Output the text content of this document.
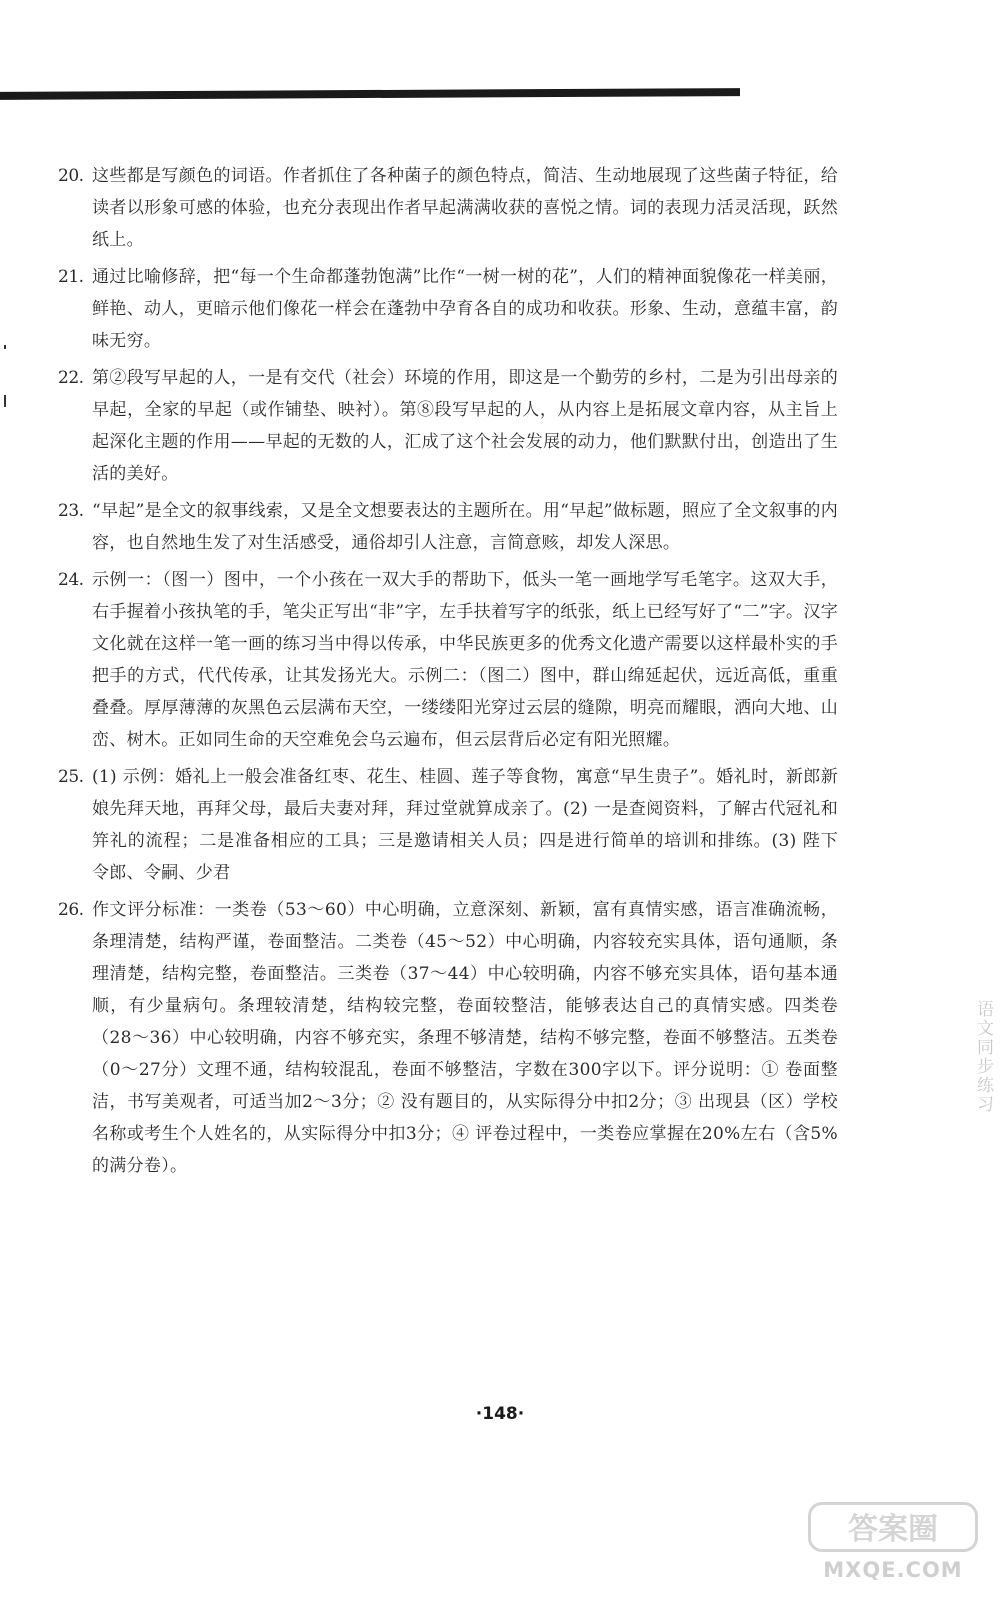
20. 这些都是写颜色的词语。作者抓住了各种菌子的颜色特点，简洁、生动地展现了这些菌子特征，给读者以形象可感的体验，也充分表现出作者早起满满收获的喜悦之情。词的表现力活灵活现，跃然纸上。
21. 通过比喻修辞，把“每一个生命都蓬勃饱满”比作“一树一树的花”，人们的精神面貌像花一样美丽，鲜艳、动人，更暗示他们像花一样会在蓬勃中孕育各自的成功和收获。形象、生动，意蕴丰富，韵味无穷。
22. 第②段写早起的人，一是有交代（社会）环境的作用，即这是一个勤劳的乡村，二是为引出母亲的早起，全家的早起（或作铺垫、映衬）。第⑧段写早起的人，从内容上是拓展文章内容，从主旨上起深化主题的作用——早起的无数的人，汇成了这个社会发展的动力，他们默默付出，创造出了生活的美好。
23. “早起”是全文的叙事线索，又是全文想要表达的主题所在。用“早起”做标题，照应了全文叙事的内容，也自然地生发了对生活感受，通俗却引人注意，言简意赅，却发人深思。
24. 示例一：（图一）图中，一个小孩在一双大手的帮助下，低头一笔一画地学写毛笔字。这双大手，右手握着小孩执笔的手，笔尖正写出“非”字，左手扶着写字的纸张，纸上已经写好了“二”字。汉字文化就在这样一笔一画的练习当中得以传承，中华民族更多的优秀文化遗产需要以这样最朴实的手把手的方式，代代传承，让其发扬光大。示例二：（图二）图中，群山绵延起伏，远近高低，重重叠叠。厚厚薄薄的灰黑色云层满布天空，一缕缕阳光穿过云层的缝隙，明亮而耀眼，洒向大地、山峦、树木。正如同生命的天空难免会乌云遍布，但云层背后必定有阳光照耀。
25. (1) 示例：婚礼上一般会准备红枣、花生、桂圆、莲子等食物，寓意“早生贵子”。婚礼时，新郎新娘先拜天地，再拜父母，最后夫妻对拜，拜过堂就算成亲了。(2) 一是查阅资料，了解古代冠礼和笄礼的流程；二是准备相应的工具；三是邀请相关人员；四是进行简单的培训和排练。(3) 陛下　令郎、令嗣、少君
26. 作文评分标准：一类卷（53～60）中心明确，立意深刻、新颖，富有真情实感，语言准确流畅，条理清楚，结构严谨，卷面整洁。二类卷（45～52）中心明确，内容较充实具体，语句通顺，条理清楚，结构完整，卷面整洁。三类卷（37～44）中心较明确，内容不够充实具体，语句基本通顺，有少量病句。条理较清楚，结构较完整，卷面较整洁，能够表达自己的真情实感。四类卷（28～36）中心较明确，内容不够充实，条理不够清楚，结构不够完整，卷面不够整洁。五类卷（0～27分）文理不通，结构较混乱，卷面不够整洁，字数在300字以下。评分说明：① 卷面整洁，书写美观者，可适当加2～3分；② 没有题目的，从实际得分中扣2分；③ 出现县（区）学校名称或考生个人姓名的，从实际得分中扣3分；④ 评卷过程中，一类卷应掌握在20%左右（含5%的满分卷）。
语文同步练习
·148·
答案圈
MXQE.COM
